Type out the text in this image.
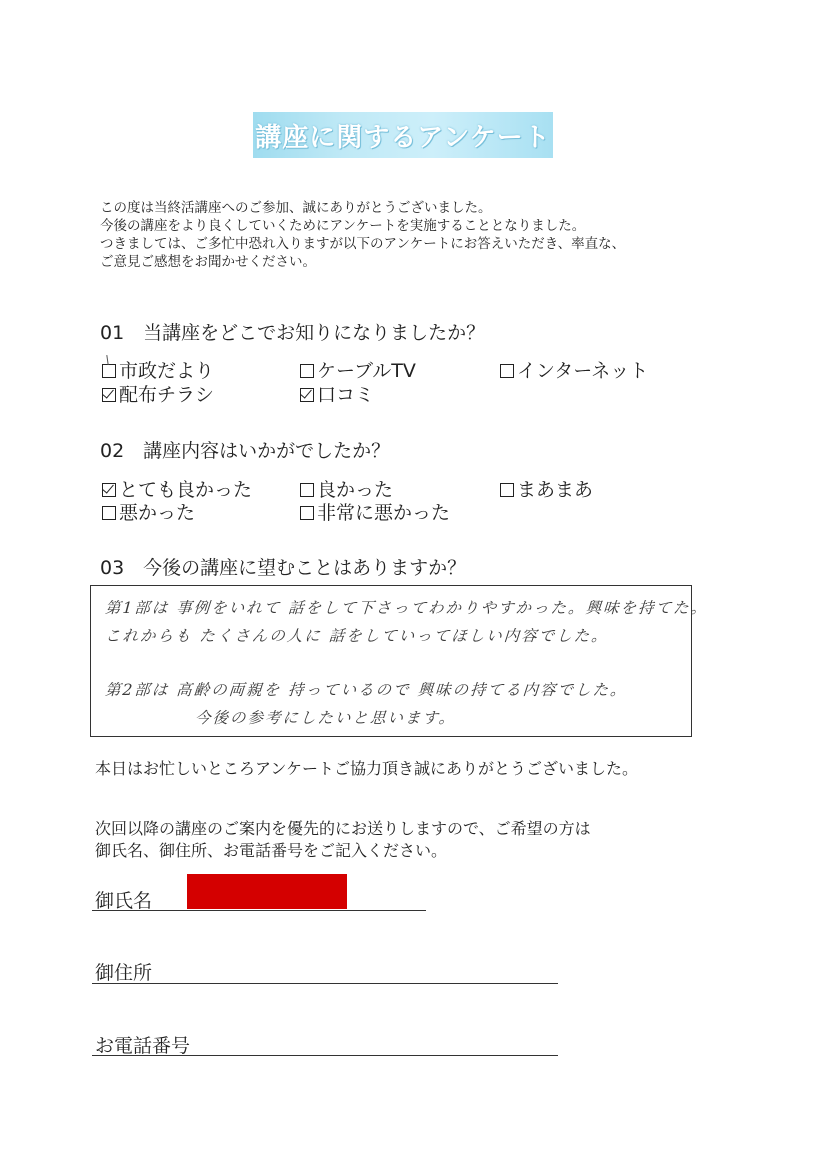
講座に関するアンケート
この度は当終活講座へのご参加、誠にありがとうございました。
今後の講座をより良くしていくためにアンケートを実施することとなりました。
つきましては、ご多忙中恐れ入りますが以下のアンケートにお答えいただき、率直な、
ご意見ご感想をお聞かせください。
01　当講座をどこでお知りになりましたか？
市政だより	ケーブルTV	インターネット
配布チラシ	口コミ
02　講座内容はいかがでしたか？
とても良かった	良かった	まあまあ
悪かった	非常に悪かった
03　今後の講座に望むことはありますか？
第1部は 事例をいれて 話をして下さってわかりやすかった。興味を持てた。
これからも たくさんの人に 話をしていってほしい内容でした。
第2部は 高齢の両親を 持っているので 興味の持てる内容でした。
今後の参考にしたいと思います。
本日はお忙しいところアンケートご協力頂き誠にありがとうございました。
次回以降の講座のご案内を優先的にお送りしますので、ご希望の方は
御氏名、御住所、お電話番号をご記入ください。
御氏名
御住所
お電話番号
